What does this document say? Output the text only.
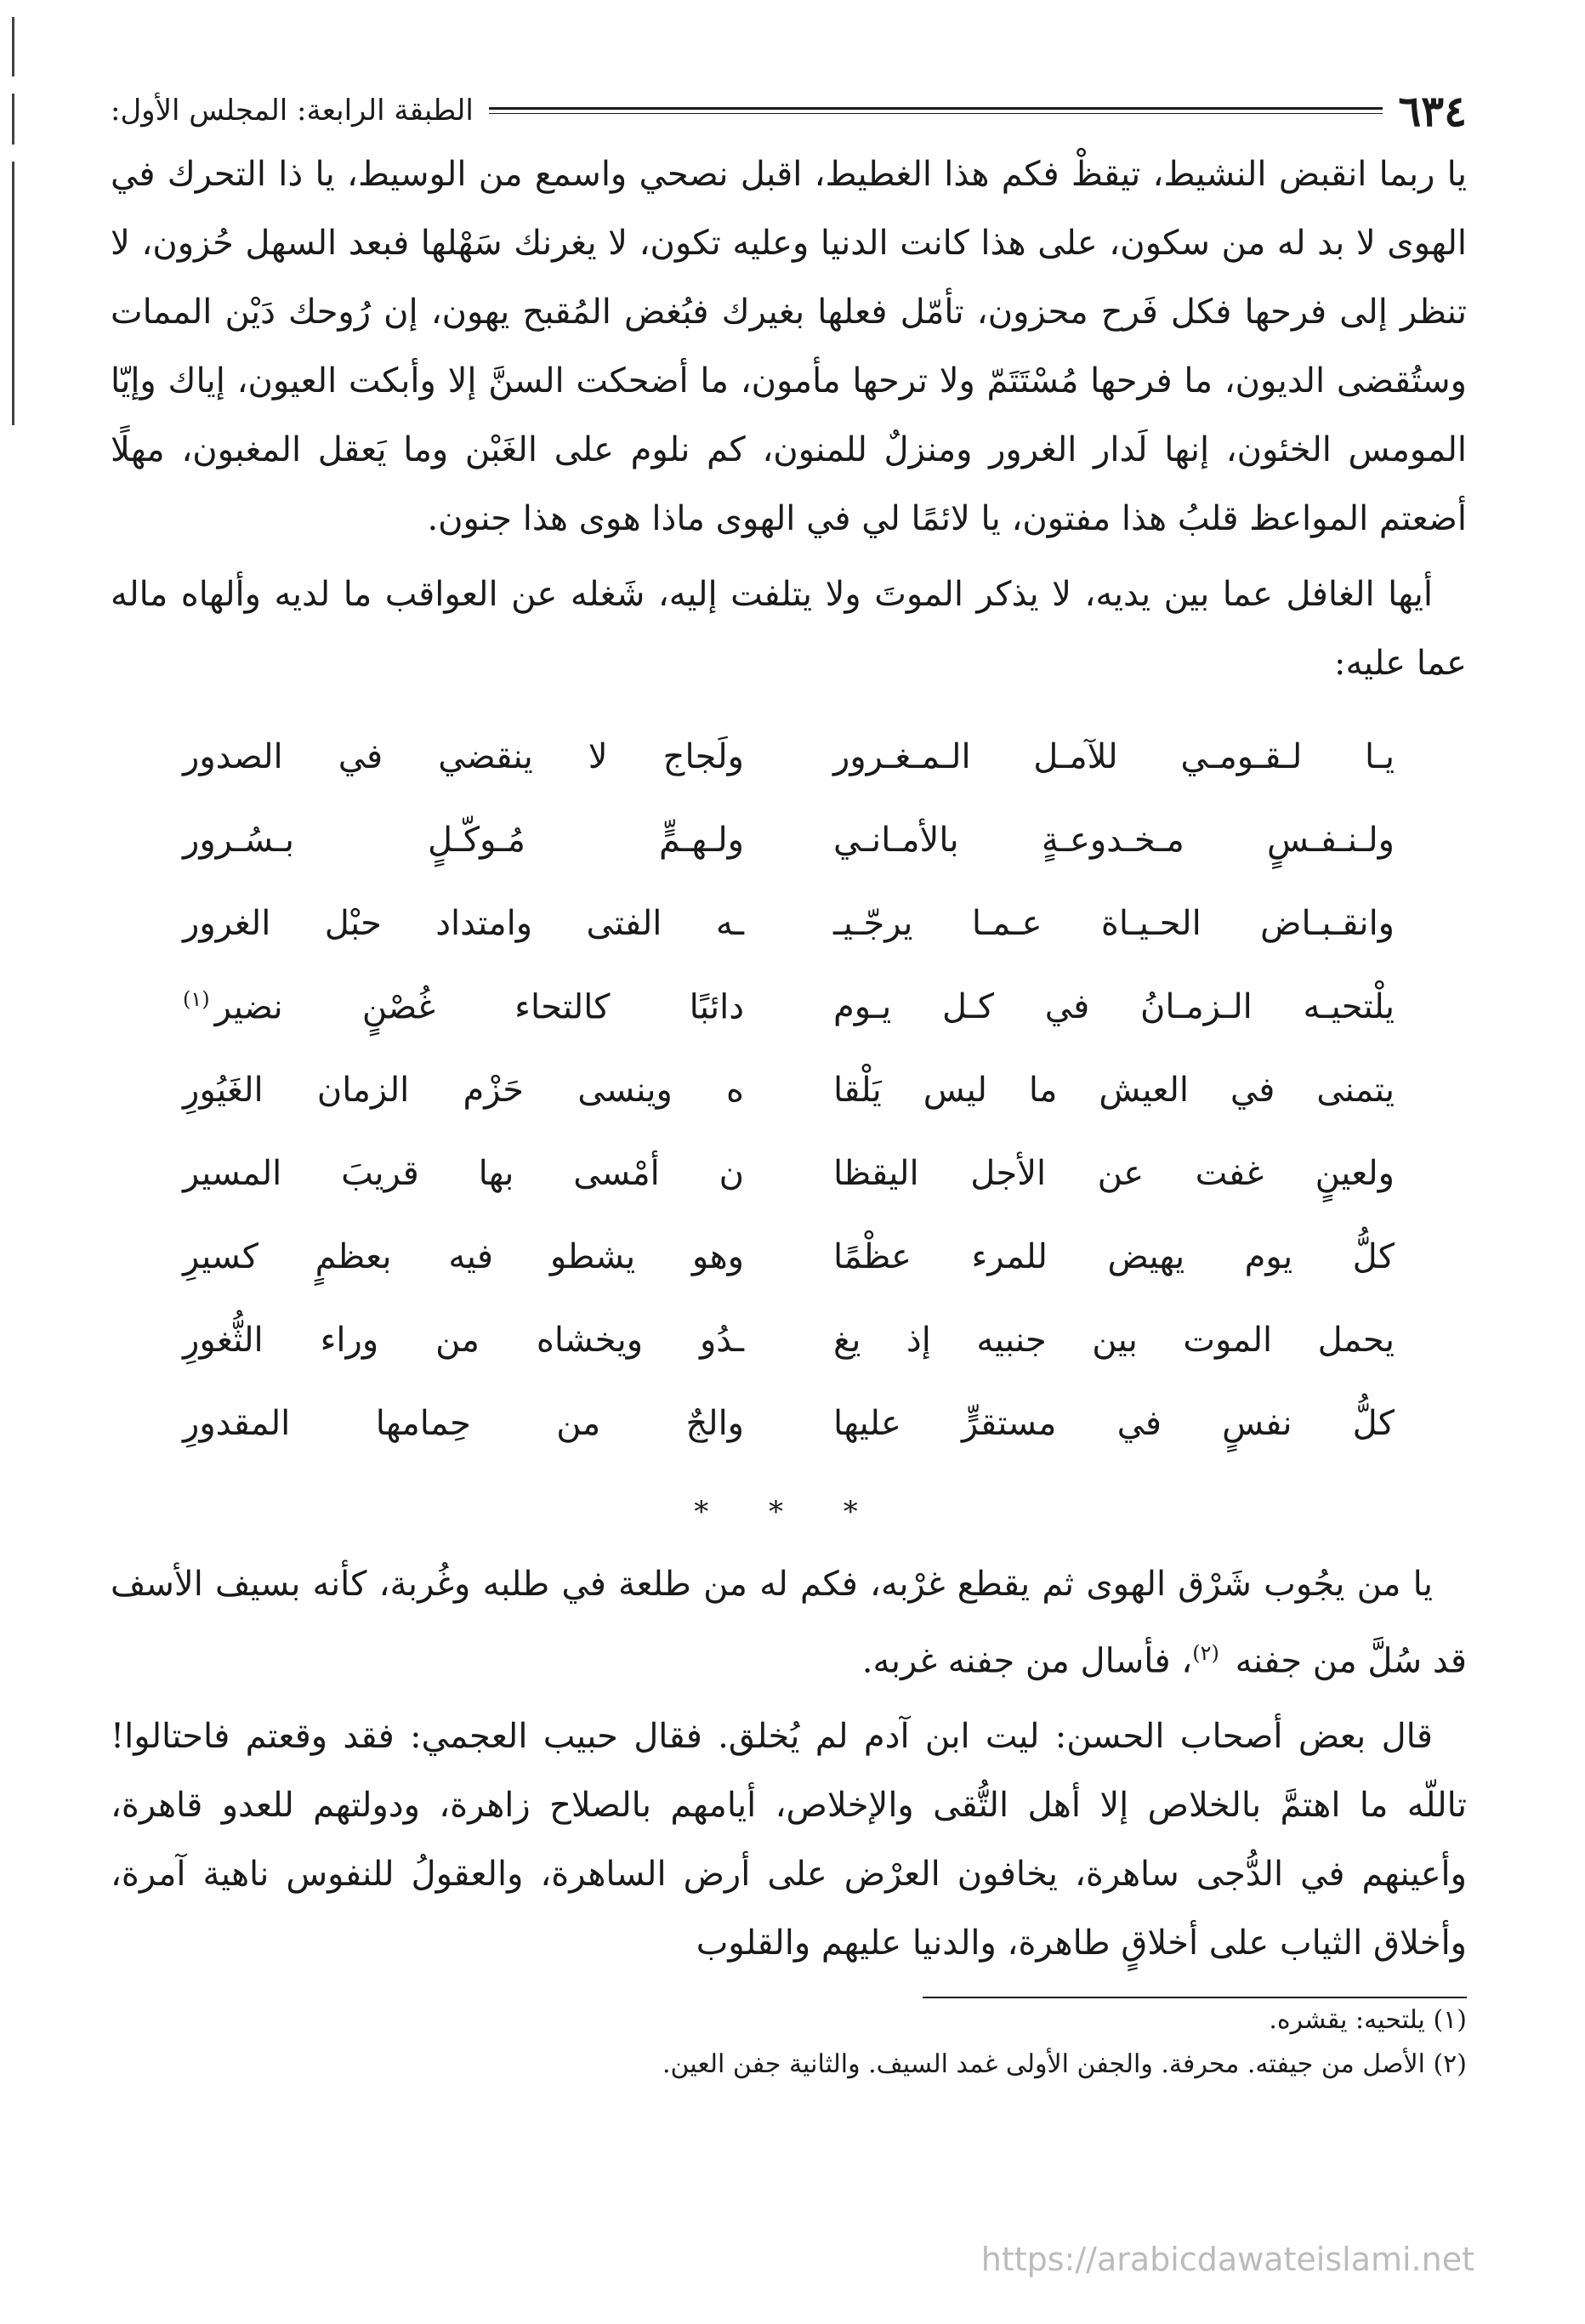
٦٣٤
الطبقة الرابعة: المجلس الأول:

يا ربما انقبض النشيط، تيقظْ فكم هذا الغطيط، اقبل نصحي واسمع من الوسيط، يا ذا التحرك في الهوى لا بد له من سكون، على هذا كانت الدنيا وعليه تكون، لا يغرنك سَهْلها فبعد السهل حُزون، لا تنظر إلى فرحها فكل فَرح محزون، تأمّل فعلها بغيرك فبُغض المُقبح يهون، إن رُوحك دَيْن الممات وستُقضى الديون، ما فرحها مُسْتَتَمّ ولا ترحها مأمون، ما أضحكت السنَّ إلا وأبكت العيون، إياك وإيّا المومس الخئون، إنها لَدار الغرور ومنزلٌ للمنون، كم نلوم على الغَبْن وما يَعقل المغبون، مهلًا أضعتم المواعظ قلبُ هذا مفتون، يا لائمًا لي في الهوى ماذا هوى هذا جنون.

أيها الغافل عما بين يديه، لا يذكر الموتَ ولا يتلفت إليه، شَغله عن العواقب ما لديه وألهاه ماله عما عليه:

يـا لـقـومـي للآمـل الـمـغـرور
ولَجاج لا ينقضي في الصدور
ولـنـفـسٍ مـخـدوعـةٍ بالأمـانـي
ولـهـمٍّ مُـوكّـلٍ بـسُـرور
وانقـبـاض الحـيـاة عـمـا يرجّـيـ
ـه الفتى وامتداد حبْل الغرور
يلْتحيـه الـزمـانُ في كـل يـوم
دائبًا كالتحاء غُصْنٍ نضير$^{(١)}$
يتمنى في العيش ما ليس يَلْقا
ه وينسى حَزْم الزمان الغَيُورِ
ولعينٍ غفت عن الأجل اليقظا
ن أمْسى بها قريبَ المسير
كلُّ يوم يهيض للمرء عظْمًا
وهو يشطو فيه بعظمٍ كسيرِ
يحمل الموت بين جنبيه إذ يغ
ـدُو ويخشاه من وراء الثُّغورِ
كلُّ نفسٍ في مستقرٍّ عليها
والجٌ من حِمامها المقدورِ
* * *

يا من يجُوب شَرْق الهوى ثم يقطع غرْبه، فكم له من طلعة في طلبه وغُربة، كأنه بسيف الأسف قد سُلَّ من جفنه $^{(٢)}$، فأسال من جفنه غربه.

قال بعض أصحاب الحسن: ليت ابن آدم لم يُخلق. فقال حبيب العجمي: فقد وقعتم فاحتالوا! تاللّه ما اهتمَّ بالخلاص إلا أهل التُّقى والإخلاص، أيامهم بالصلاح زاهرة، ودولتهم للعدو قاهرة، وأعينهم في الدُّجى ساهرة، يخافون العرْض على أرض الساهرة، والعقولُ للنفوس ناهية آمرة، وأخلاق الثياب على أخلاقٍ طاهرة، والدنيا عليهم والقلوب

(١) يلتحيه: يقشره.

(٢) الأصل من جيفته. محرفة. والجفن الأولى غمد السيف. والثانية جفن العين.

https://arabicdawateislami.net
